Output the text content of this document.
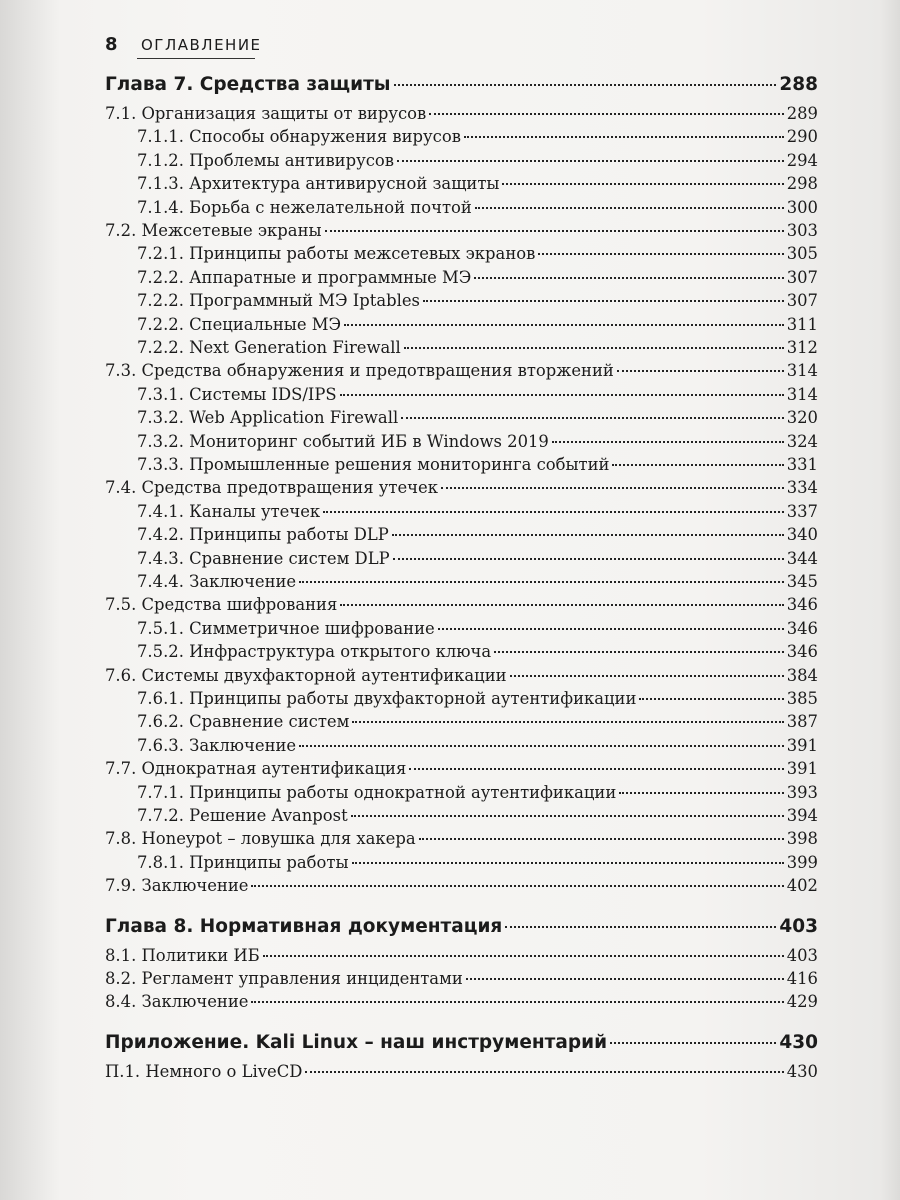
8 ОГЛАВЛЕНИЕ
Глава 7. Средства защиты	288
7.1. Организация защиты от вирусов	289
7.1.1. Способы обнаружения вирусов	290
7.1.2. Проблемы антивирусов	294
7.1.3. Архитектура антивирусной защиты	298
7.1.4. Борьба с нежелательной почтой	300
7.2. Межсетевые экраны	303
7.2.1. Принципы работы межсетевых экранов	305
7.2.2. Аппаратные и программные МЭ	307
7.2.2. Программный МЭ Iptables	307
7.2.2. Специальные МЭ	311
7.2.2. Next Generation Firewall	312
7.3. Средства обнаружения и предотвращения вторжений	314
7.3.1. Системы IDS/IPS	314
7.3.2. Web Application Firewall	320
7.3.2. Мониторинг событий ИБ в Windows 2019	324
7.3.3. Промышленные решения мониторинга событий	331
7.4. Средства предотвращения утечек	334
7.4.1. Каналы утечек	337
7.4.2. Принципы работы DLP	340
7.4.3. Сравнение систем DLP	344
7.4.4. Заключение	345
7.5. Средства шифрования	346
7.5.1. Симметричное шифрование	346
7.5.2. Инфраструктура открытого ключа	346
7.6. Системы двухфакторной аутентификации	384
7.6.1. Принципы работы двухфакторной аутентификации	385
7.6.2. Сравнение систем	387
7.6.3. Заключение	391
7.7. Однократная аутентификация	391
7.7.1. Принципы работы однократной аутентификации	393
7.7.2. Решение Avanpost	394
7.8. Honeypot – ловушка для хакера	398
7.8.1. Принципы работы	399
7.9. Заключение	402
Глава 8. Нормативная документация	403
8.1. Политики ИБ	403
8.2. Регламент управления инцидентами	416
8.4. Заключение	429
Приложение. Kali Linux – наш инструментарий	430
П.1. Немного о LiveCD	430
